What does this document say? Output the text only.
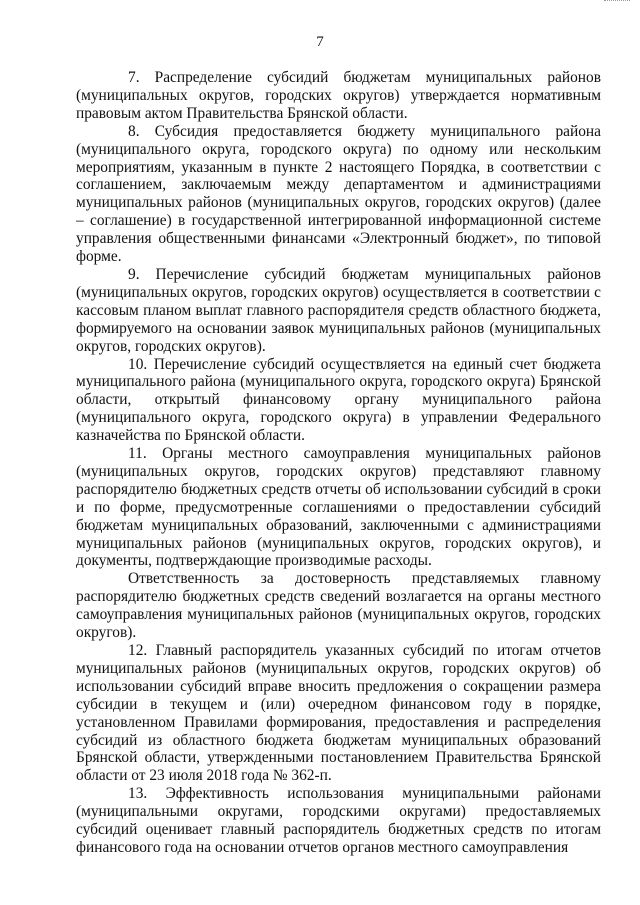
7

7. Распределение субсидий бюджетам муниципальных районов (муниципальных округов, городских округов) утверждается нормативным правовым актом Правительства Брянской области.

8. Субсидия предоставляется бюджету муниципального района (муниципального округа, городского округа) по одному или нескольким мероприятиям, указанным в пункте 2 настоящего Порядка, в соответствии с соглашением, заключаемым между департаментом и администрациями муниципальных районов (муниципальных округов, городских округов) (далее – соглашение) в государственной интегрированной информационной системе управления общественными финансами «Электронный бюджет», по типовой форме.

9. Перечисление субсидий бюджетам муниципальных районов (муниципальных округов, городских округов) осуществляется в соответствии с кассовым планом выплат главного распорядителя средств областного бюджета, формируемого на основании заявок муниципальных районов (муниципальных округов, городских округов).

10. Перечисление субсидий осуществляется на единый счет бюджета муниципального района (муниципального округа, городского округа) Брянской области, открытый финансовому органу муниципального района (муниципального округа, городского округа) в управлении Федерального казначейства по Брянской области.

11. Органы местного самоуправления муниципальных районов (муниципальных округов, городских округов) представляют главному распорядителю бюджетных средств отчеты об использовании субсидий в сроки и по форме, предусмотренные соглашениями о предоставлении субсидий бюджетам муниципальных образований, заключенными с администрациями муниципальных районов (муниципальных округов, городских округов), и документы, подтверждающие производимые расходы.

Ответственность за достоверность представляемых главному распорядителю бюджетных средств сведений возлагается на органы местного самоуправления муниципальных районов (муниципальных округов, городских округов).

12. Главный распорядитель указанных субсидий по итогам отчетов муниципальных районов (муниципальных округов, городских округов) об использовании субсидий вправе вносить предложения о сокращении размера субсидии в текущем и (или) очередном финансовом году в порядке, установленном Правилами формирования, предоставления и распределения субсидий из областного бюджета бюджетам муниципальных образований Брянской области, утвержденными постановлением Правительства Брянской области от 23 июля 2018 года № 362-п.

13. Эффективность использования муниципальными районами (муниципальными округами, городскими округами) предоставляемых субсидий оценивает главный распорядитель бюджетных средств по итогам финансового года на основании отчетов органов местного самоуправления
